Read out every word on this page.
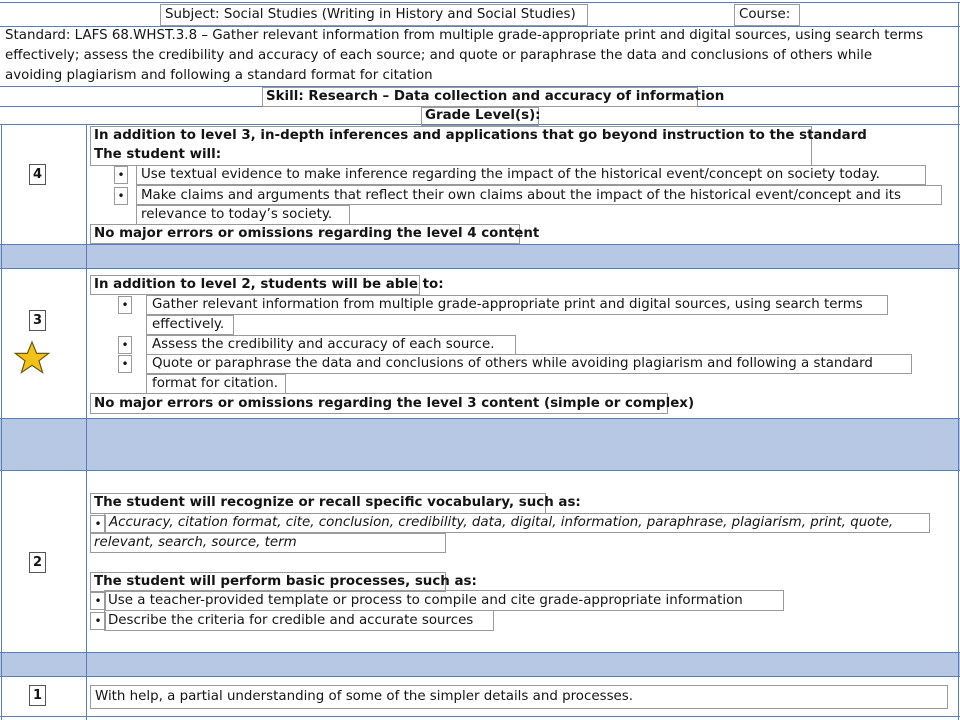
Subject: Social Studies (Writing in History and Social Studies)	Course:
Standard: LAFS 68.WHST.3.8 – Gather relevant information from multiple grade-appropriate print and digital sources, using search terms
effectively; assess the credibility and accuracy of each source; and quote or paraphrase the data and conclusions of others while
avoiding plagiarism and following a standard format for citation
Skill: Research – Data collection and accuracy of information
Grade Level(s):
4
In addition to level 3, in-depth inferences and applications that go beyond instruction to the standard
The student will:
• Use textual evidence to make inference regarding the impact of the historical event/concept on society today.
• Make claims and arguments that reflect their own claims about the impact of the historical event/concept and its
relevance to today’s society.
No major errors or omissions regarding the level 4 content
3
In addition to level 2, students will be able to:
• Gather relevant information from multiple grade-appropriate print and digital sources, using search terms
effectively.
• Assess the credibility and accuracy of each source.
• Quote or paraphrase the data and conclusions of others while avoiding plagiarism and following a standard
format for citation.
No major errors or omissions regarding the level 3 content (simple or complex)
2
The student will recognize or recall specific vocabulary, such as:
• Accuracy, citation format, cite, conclusion, credibility, data, digital, information, paraphrase, plagiarism, print, quote,
relevant, search, source, term
The student will perform basic processes, such as:
• Use a teacher-provided template or process to compile and cite grade-appropriate information
• Describe the criteria for credible and accurate sources
1	With help, a partial understanding of some of the simpler details and processes.
